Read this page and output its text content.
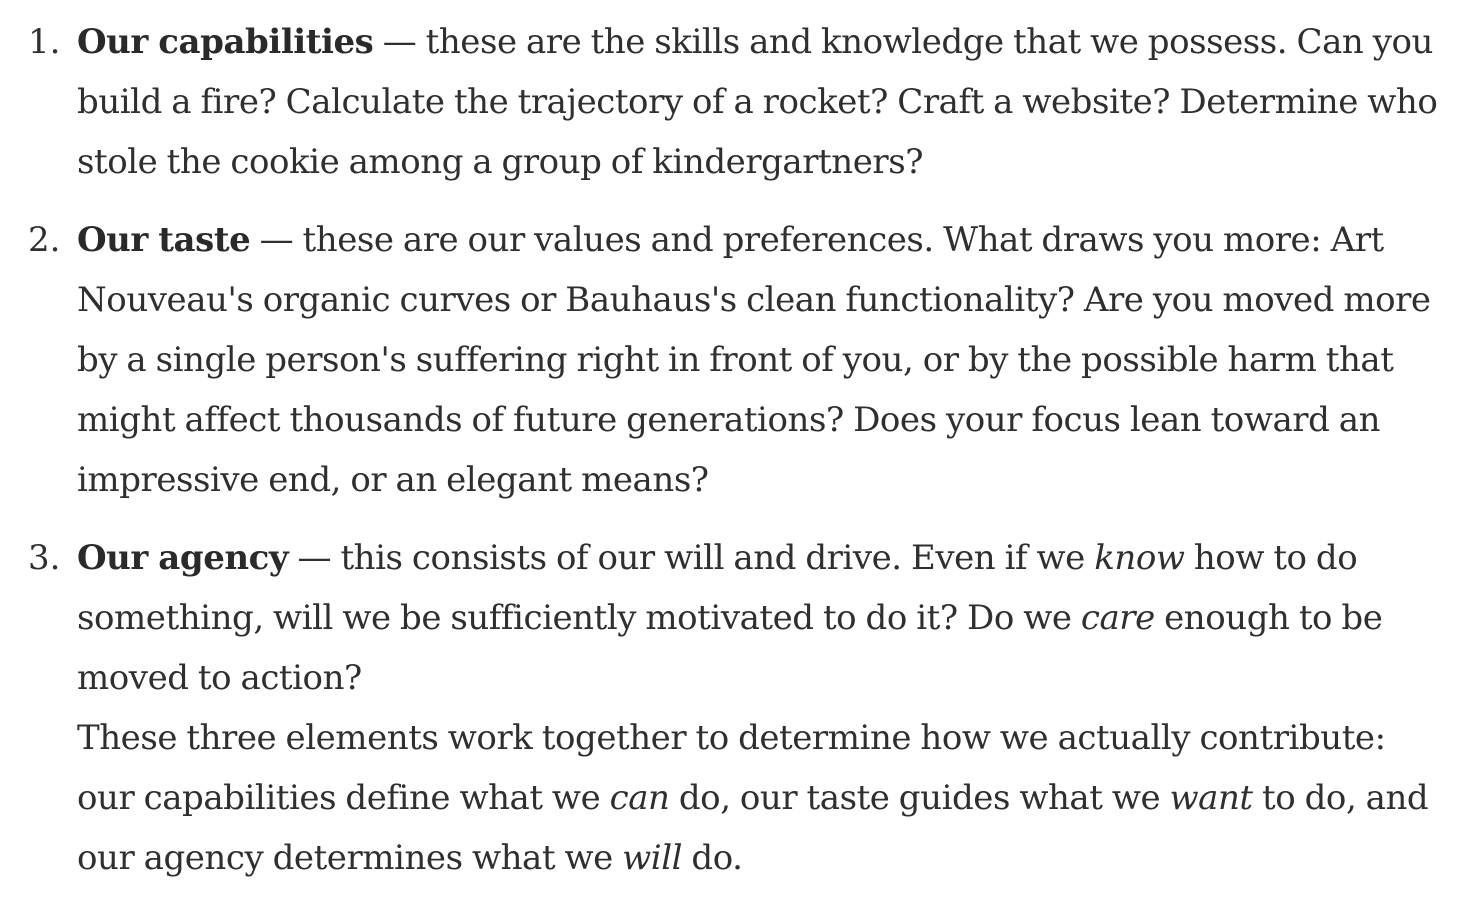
1. Our capabilities — these are the skills and knowledge that we possess. Can you build a fire? Calculate the trajectory of a rocket? Craft a website? Determine who stole the cookie among a group of kindergartners?
2. Our taste — these are our values and preferences. What draws you more: Art Nouveau's organic curves or Bauhaus's clean functionality? Are you moved more by a single person's suffering right in front of you, or by the possible harm that might affect thousands of future generations? Does your focus lean toward an impressive end, or an elegant means?
3. Our agency — this consists of our will and drive. Even if we know how to do something, will we be sufficiently motivated to do it? Do we care enough to be moved to action?

These three elements work together to determine how we actually contribute: our capabilities define what we can do, our taste guides what we want to do, and our agency determines what we will do.
